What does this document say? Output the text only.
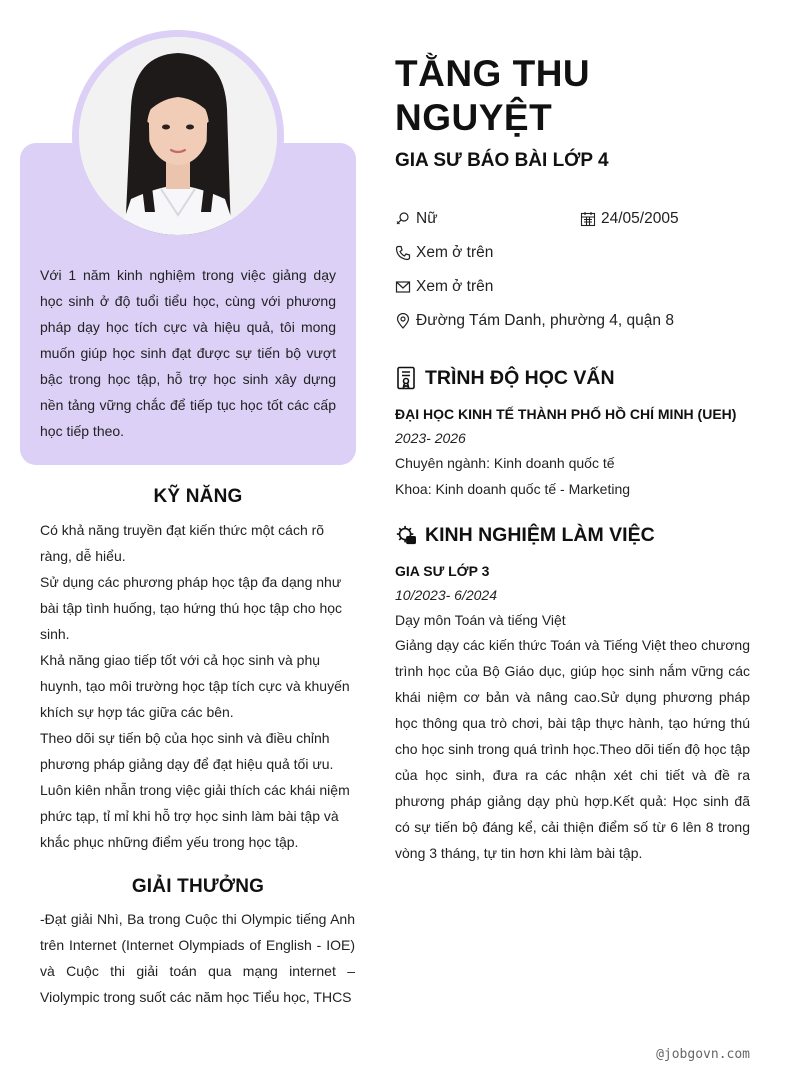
Với 1 năm kinh nghiệm trong việc giảng dạy học sinh ở độ tuổi tiểu học, cùng với phương pháp dạy học tích cực và hiệu quả, tôi mong muốn giúp học sinh đạt được sự tiến bộ vượt bậc trong học tập, hỗ trợ học sinh xây dựng nền tảng vững chắc để tiếp tục học tốt các cấp học tiếp theo.

KỸ NĂNG
Có khả năng truyền đạt kiến thức một cách rõ ràng, dễ hiểu.
Sử dụng các phương pháp học tập đa dạng như bài tập tình huống, tạo hứng thú học tập cho học sinh.
Khả năng giao tiếp tốt với cả học sinh và phụ huynh, tạo môi trường học tập tích cực và khuyến khích sự hợp tác giữa các bên.
Theo dõi sự tiến bộ của học sinh và điều chỉnh phương pháp giảng dạy để đạt hiệu quả tối ưu.
Luôn kiên nhẫn trong việc giải thích các khái niệm phức tạp, tỉ mỉ khi hỗ trợ học sinh làm bài tập và khắc phục những điểm yếu trong học tập.
GIẢI THƯỞNG

-Đạt giải Nhì, Ba trong Cuộc thi Olympic tiếng Anh trên Internet (Internet Olympiads of English - IOE) và Cuộc thi giải toán qua mạng internet – Violympic trong suốt các năm học Tiểu học, THCS

TẰNG THU NGUYỆT
GIA SƯ BÁO BÀI LỚP 4
Nữ	24/05/2005
Xem ở trên
Xem ở trên
Đường Tám Danh, phường 4, quận 8
TRÌNH ĐỘ HỌC VẤN
ĐẠI HỌC KINH TẾ THÀNH PHỐ HỒ CHÍ MINH (UEH)
2023- 2026
Chuyên ngành: Kinh doanh quốc tế
Khoa: Kinh doanh quốc tế - Marketing
KINH NGHIỆM LÀM VIỆC
GIA SƯ LỚP 3
10/2023- 6/2024
Dạy môn Toán và tiếng Việt

Giảng dạy các kiến thức Toán và Tiếng Việt theo chương trình học của Bộ Giáo dục, giúp học sinh nắm vững các khái niệm cơ bản và nâng cao.Sử dụng phương pháp học thông qua trò chơi, bài tập thực hành, tạo hứng thú cho học sinh trong quá trình học.Theo dõi tiến độ học tập của học sinh, đưa ra các nhận xét chi tiết và đề ra phương pháp giảng dạy phù hợp.Kết quả: Học sinh đã có sự tiến bộ đáng kể, cải thiện điểm số từ 6 lên 8 trong vòng 3 tháng, tự tin hơn khi làm bài tập.

@jobgovn.com
